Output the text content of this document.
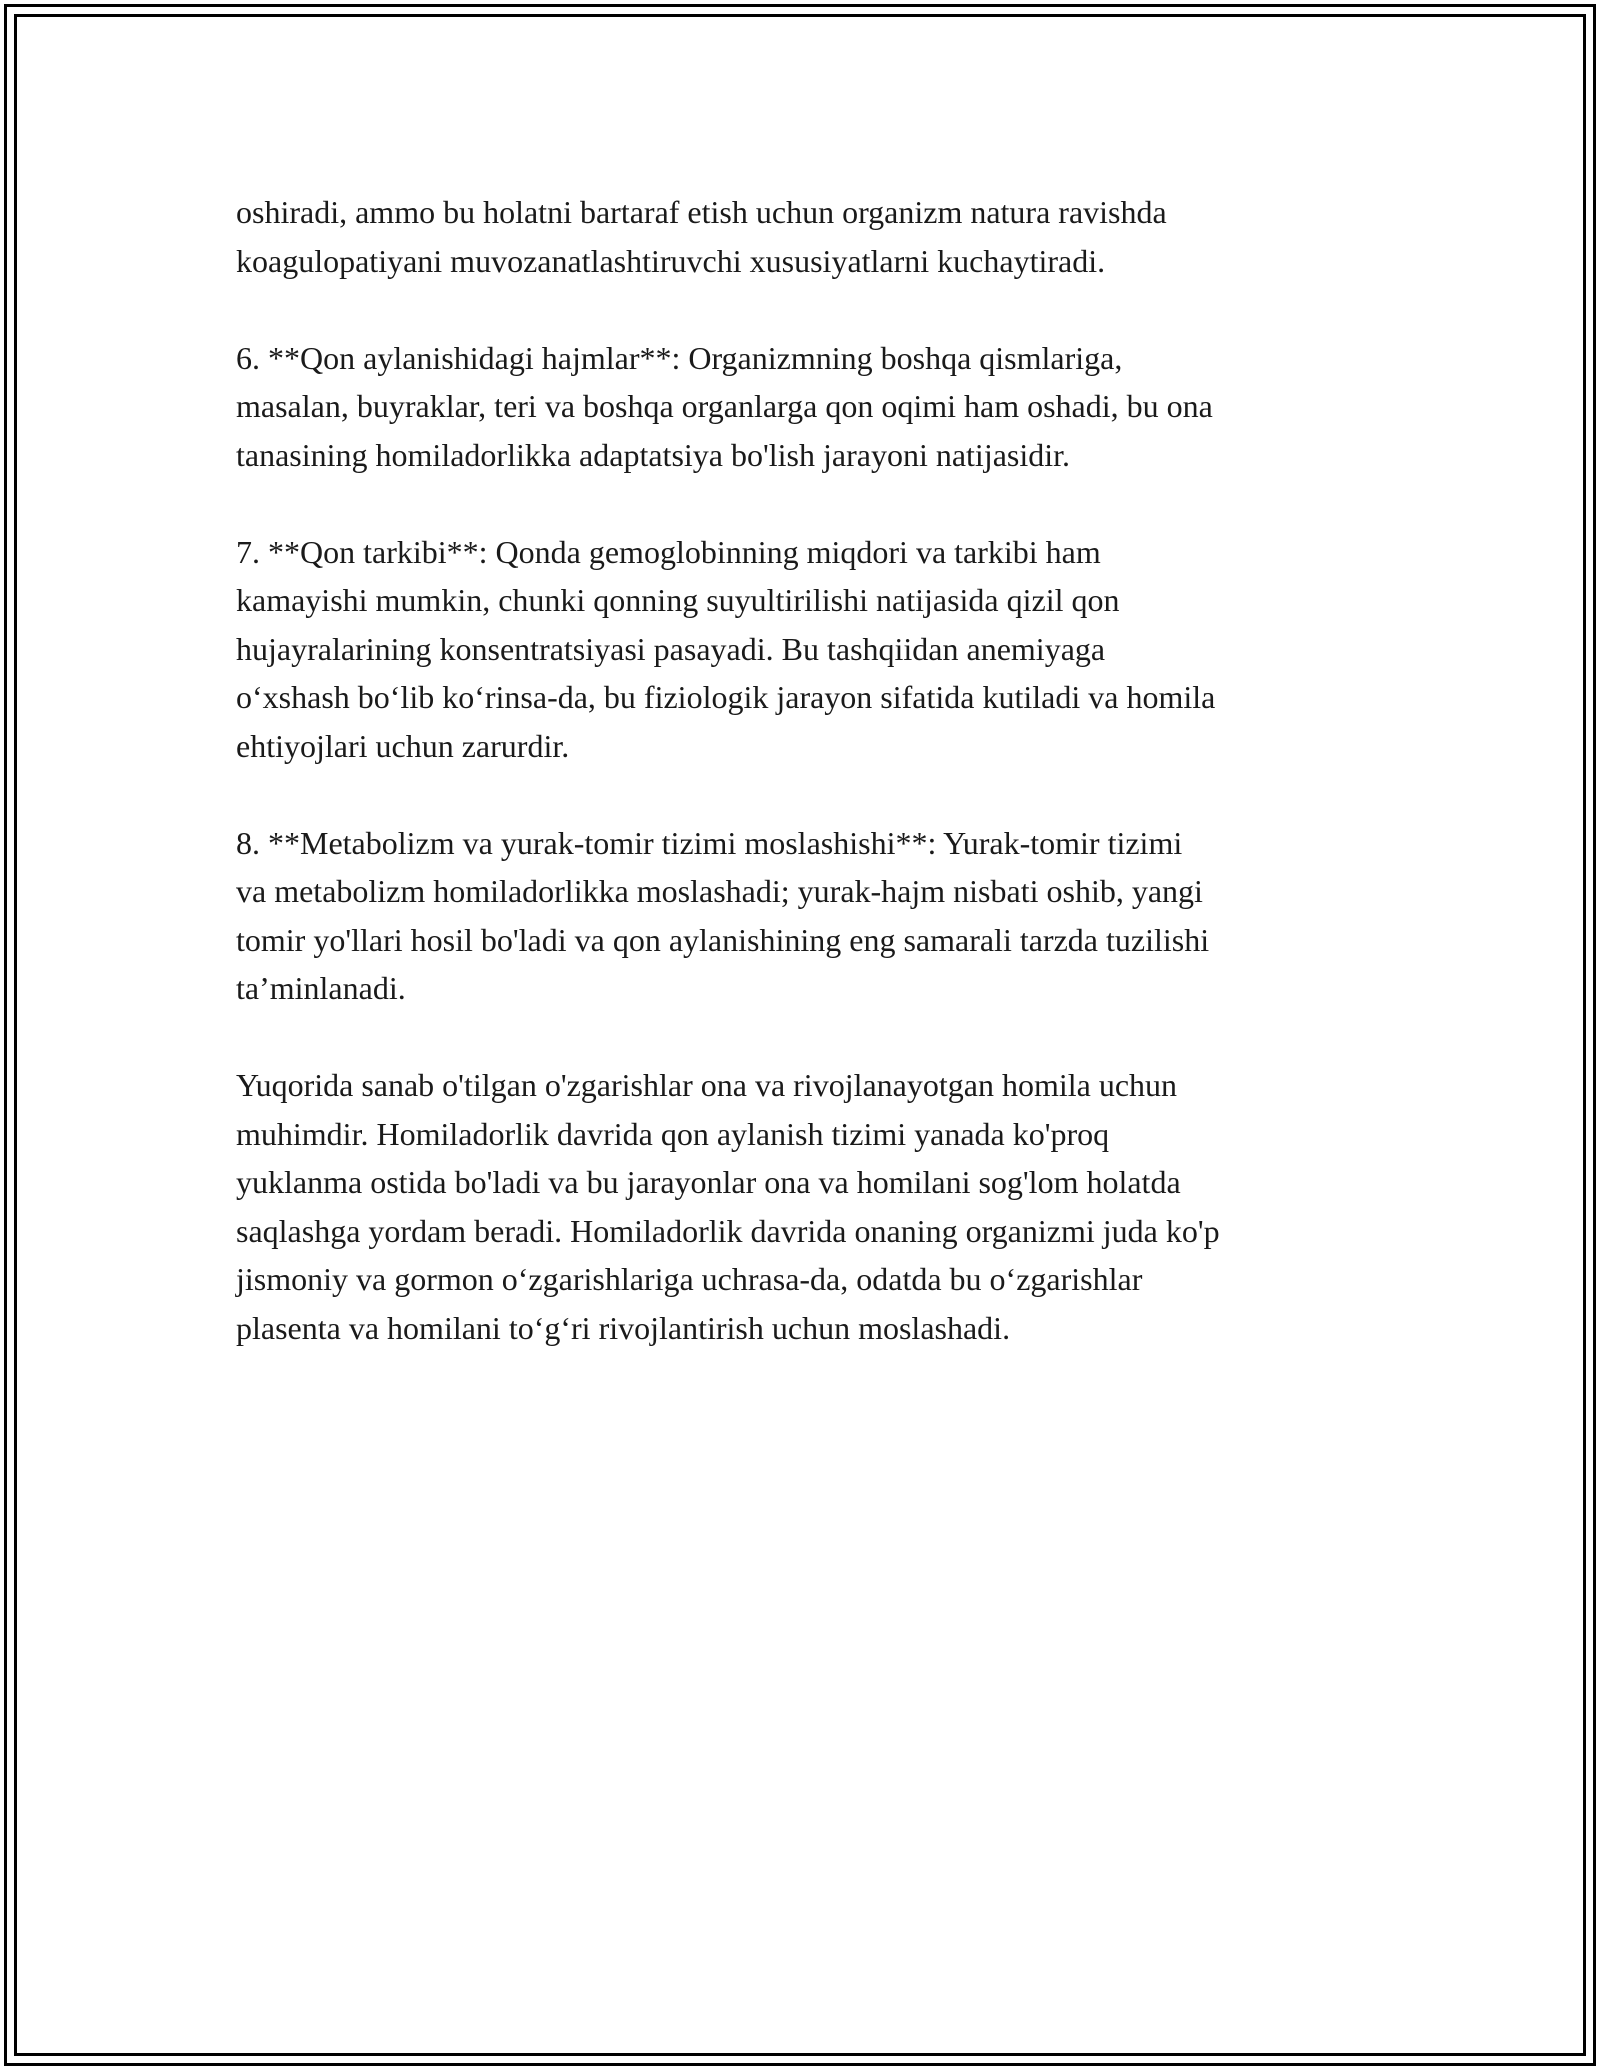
oshiradi, ammo bu holatni bartaraf etish uchun organizm natura ravishda
koagulopatiyani muvozanatlashtiruvchi xususiyatlarni kuchaytiradi.
6. **Qon aylanishidagi hajmlar**: Organizmning boshqa qismlariga,
masalan, buyraklar, teri va boshqa organlarga qon oqimi ham oshadi, bu ona
tanasining homiladorlikka adaptatsiya bo'lish jarayoni natijasidir.
7. **Qon tarkibi**: Qonda gemoglobinning miqdori va tarkibi ham
kamayishi mumkin, chunki qonning suyultirilishi natijasida qizil qon
hujayralarining konsentratsiyasi pasayadi. Bu tashqiidan anemiyaga
o‘xshash bo‘lib ko‘rinsa-da, bu fiziologik jarayon sifatida kutiladi va homila
ehtiyojlari uchun zarurdir.
8. **Metabolizm va yurak-tomir tizimi moslashishi**: Yurak-tomir tizimi
va metabolizm homiladorlikka moslashadi; yurak-hajm nisbati oshib, yangi
tomir yo'llari hosil bo'ladi va qon aylanishining eng samarali tarzda tuzilishi
ta’minlanadi.
Yuqorida sanab o'tilgan o'zgarishlar ona va rivojlanayotgan homila uchun
muhimdir. Homiladorlik davrida qon aylanish tizimi yanada ko'proq
yuklanma ostida bo'ladi va bu jarayonlar ona va homilani sog'lom holatda
saqlashga yordam beradi. Homiladorlik davrida onaning organizmi juda ko'p
jismoniy va gormon o‘zgarishlariga uchrasa-da, odatda bu o‘zgarishlar
plasenta va homilani to‘g‘ri rivojlantirish uchun moslashadi.
